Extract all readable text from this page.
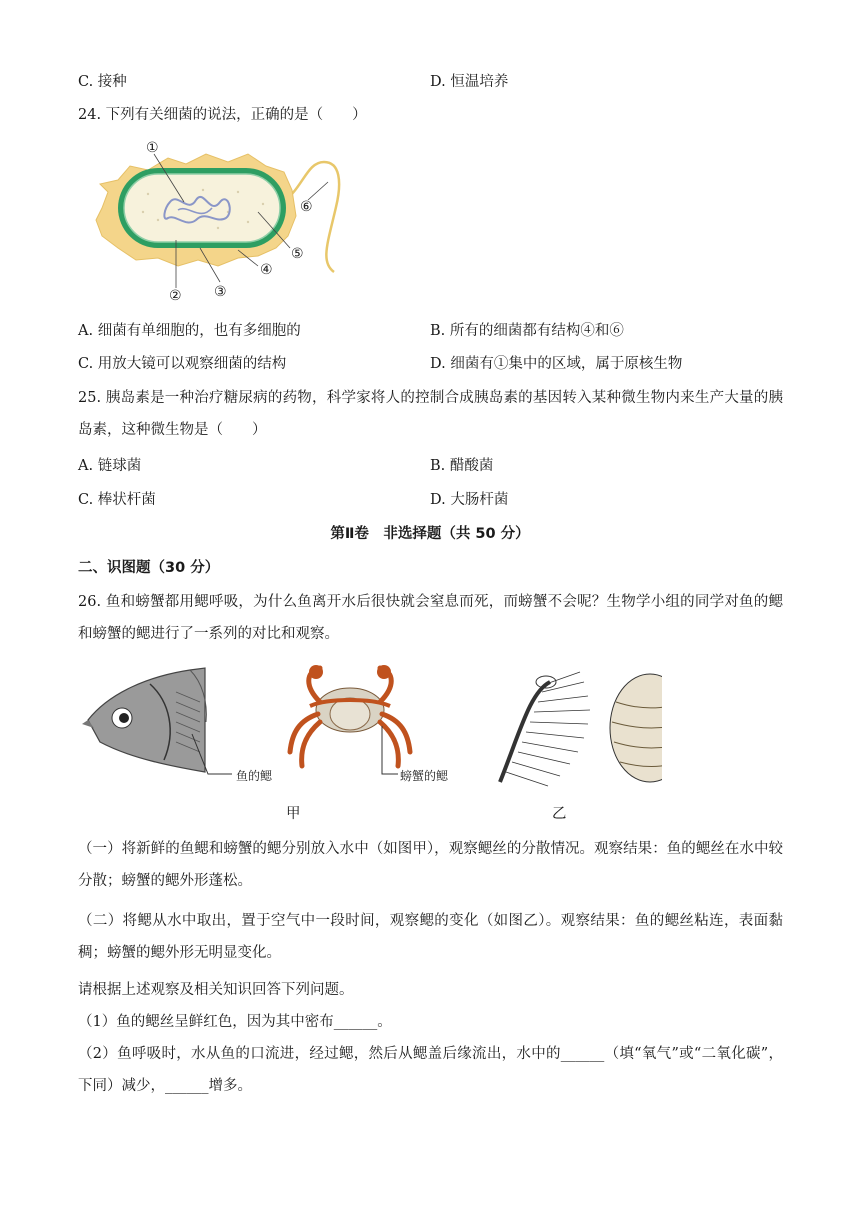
C. 接种	D. 恒温培养
24. 下列有关细菌的说法，正确的是（　　）
①
② ③
④
⑤
⑥
A. 细菌有单细胞的，也有多细胞的	B. 所有的细菌都有结构④和⑥
C. 用放大镜可以观察细菌的结构	D. 细菌有①集中的区域，属于原核生物
25. 胰岛素是一种治疗糖尿病的药物，科学家将人的控制合成胰岛素的基因转入某种微生物内来生产大量的胰岛素，这种微生物是（　　）
A. 链球菌	B. 醋酸菌
C. 棒状杆菌	D. 大肠杆菌
第Ⅱ卷　非选择题（共 50 分）
二、识图题（30 分）
26. 鱼和螃蟹都用鳃呼吸，为什么鱼离开水后很快就会窒息而死，而螃蟹不会呢？生物学小组的同学对鱼的鳃和螃蟹的鳃进行了一系列的对比和观察。
鱼的鳃	螃蟹的鳃
甲	乙
（一）将新鲜的鱼鳃和螃蟹的鳃分别放入水中（如图甲），观察鳃丝的分散情况。观察结果：鱼的鳃丝在水中较分散；螃蟹的鳃外形蓬松。
（二）将鳃从水中取出，置于空气中一段时间，观察鳃的变化（如图乙）。观察结果：鱼的鳃丝粘连，表面黏稠；螃蟹的鳃外形无明显变化。
请根据上述观察及相关知识回答下列问题。
（1）鱼的鳃丝呈鲜红色，因为其中密布______。
（2）鱼呼吸时，水从鱼的口流进，经过鳃，然后从鳃盖后缘流出，水中的______（填“氧气”或“二氧化碳”，下同）减少，______增多。
